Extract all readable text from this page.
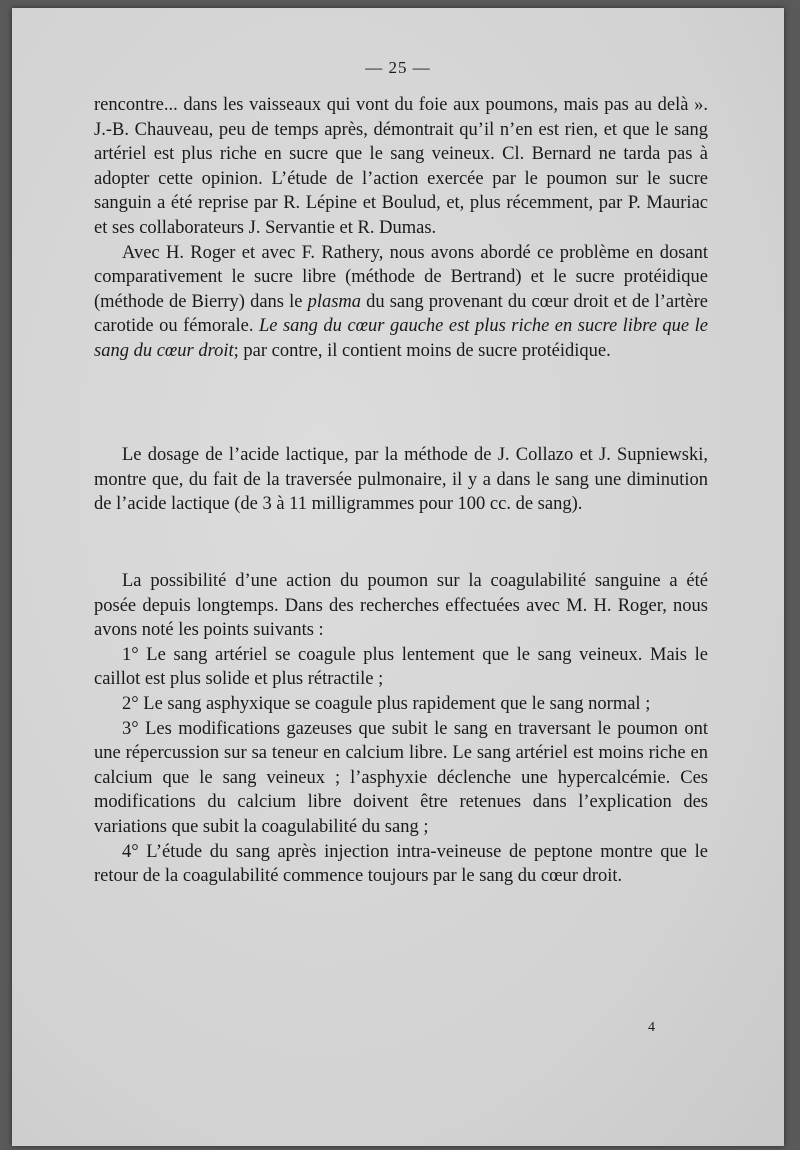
— 25 —

rencontre... dans les vaisseaux qui vont du foie aux poumons, mais pas au delà ». J.-B. Chauveau, peu de temps après, démontrait qu’il n’en est rien, et que le sang artériel est plus riche en sucre que le sang veineux. Cl. Bernard ne tarda pas à adopter cette opinion. L’étude de l’action exercée par le poumon sur le sucre sanguin a été reprise par R. Lépine et Boulud, et, plus récemment, par P. Mauriac et ses collaborateurs J. Servantie et R. Dumas.

Avec H. Roger et avec F. Rathery, nous avons abordé ce problème en dosant comparativement le sucre libre (méthode de Bertrand) et le sucre protéidique (méthode de Bierry) dans le plasma du sang provenant du cœur droit et de l’artère carotide ou fémorale. Le sang du cœur gauche est plus riche en sucre libre que le sang du cœur droit; par contre, il contient moins de sucre protéidique.

Le dosage de l’acide lactique, par la méthode de J. Collazo et J. Supniewski, montre que, du fait de la traversée pulmonaire, il y a dans le sang une diminution de l’acide lactique (de 3 à 11 milligrammes pour 100 cc. de sang).

La possibilité d’une action du poumon sur la coagulabilité sanguine a été posée depuis longtemps. Dans des recherches effectuées avec M. H. Roger, nous avons noté les points suivants :

1° Le sang artériel se coagule plus lentement que le sang veineux. Mais le caillot est plus solide et plus rétractile ;

2° Le sang asphyxique se coagule plus rapidement que le sang normal ;

3° Les modifications gazeuses que subit le sang en traversant le poumon ont une répercussion sur sa teneur en calcium libre. Le sang artériel est moins riche en calcium que le sang veineux ; l’asphyxie déclenche une hypercalcémie. Ces modifications du calcium libre doivent être retenues dans l’explication des variations que subit la coagulabilité du sang ;

4° L’étude du sang après injection intra-veineuse de peptone montre que le retour de la coagulabilité commence toujours par le sang du cœur droit.

4
